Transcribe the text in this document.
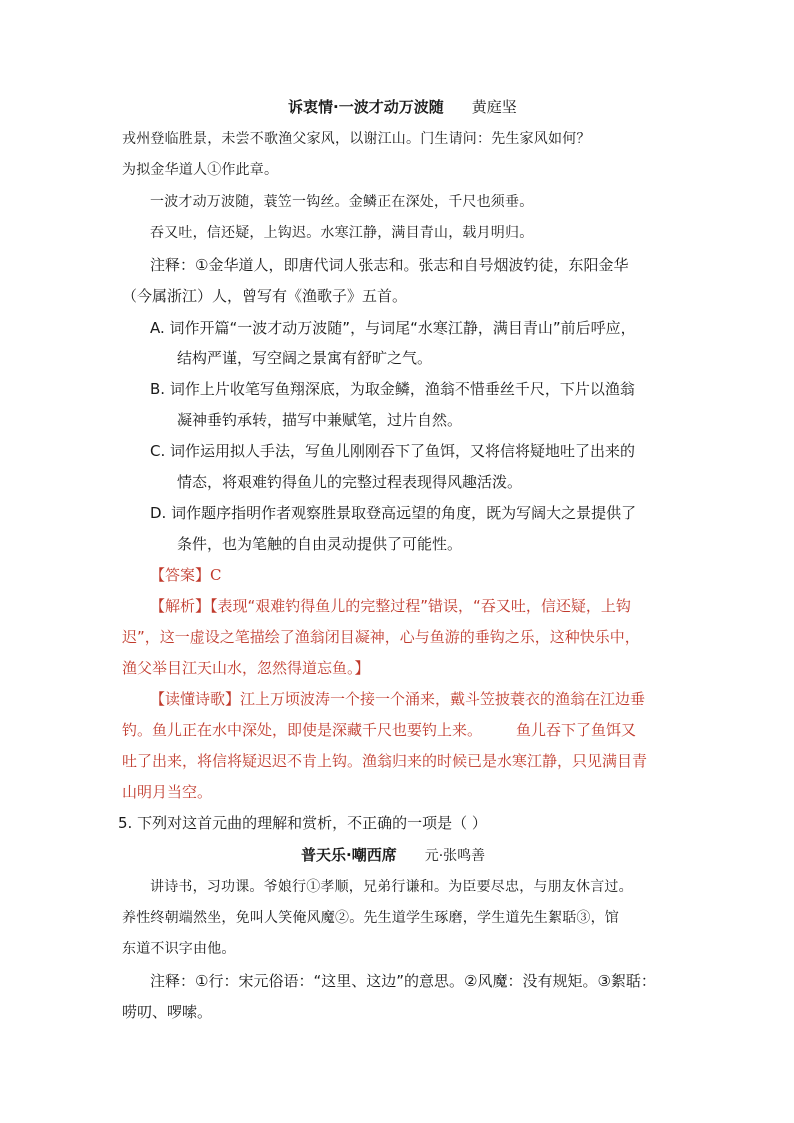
诉衷情·一波才动万波随 黄庭坚
戎州登临胜景，未尝不歌渔父家风，以谢江山。门生请问：先生家风如何？
为拟金华道人①作此章。
一波才动万波随，蓑笠一钩丝。金鳞正在深处，千尺也须垂。
吞又吐，信还疑，上钩迟。水寒江静，满目青山，载月明归。
注释：①金华道人，即唐代词人张志和。张志和自号烟波钓徒，东阳金华
（今属浙江）人，曾写有《渔歌子》五首。
A. 词作开篇“一波才动万波随”，与词尾“水寒江静，满目青山”前后呼应，
结构严谨，写空阔之景寓有舒旷之气。
B. 词作上片收笔写鱼翔深底，为取金鳞，渔翁不惜垂丝千尺，下片以渔翁
凝神垂钓承转，描写中兼赋笔，过片自然。
C. 词作运用拟人手法，写鱼儿刚刚吞下了鱼饵，又将信将疑地吐了出来的
情态，将艰难钓得鱼儿的完整过程表现得风趣活泼。
D. 词作题序指明作者观察胜景取登高远望的角度，既为写阔大之景提供了
条件，也为笔触的自由灵动提供了可能性。
【答案】C
【解析】【表现“艰难钓得鱼儿的完整过程”错误，“吞又吐，信还疑，上钩
迟”，这一虚设之笔描绘了渔翁闭目凝神，心与鱼游的垂钩之乐，这种快乐中，
渔父举目江天山水，忽然得道忘鱼。】
【读懂诗歌】江上万顷波涛一个接一个涌来，戴斗笠披蓑衣的渔翁在江边垂
钓。鱼儿正在水中深处，即使是深藏千尺也要钓上来。 鱼儿吞下了鱼饵又
吐了出来，将信将疑迟迟不肯上钩。渔翁归来的时候已是水寒江静，只见满目青
山明月当空。
5. 下列对这首元曲的理解和赏析，不正确的一项是（ ）
普天乐·嘲西席 元·张鸣善
讲诗书，习功课。爷娘行①孝顺，兄弟行谦和。为臣要尽忠，与朋友休言过。
养性终朝端然坐，免叫人笑俺风魔②。先生道学生琢磨，学生道先生絮聒③，馆
东道不识字由他。
注释：①行：宋元俗语：“这里、这边”的意思。②风魔：没有规矩。③絮聒：
唠叨、啰嗦。
